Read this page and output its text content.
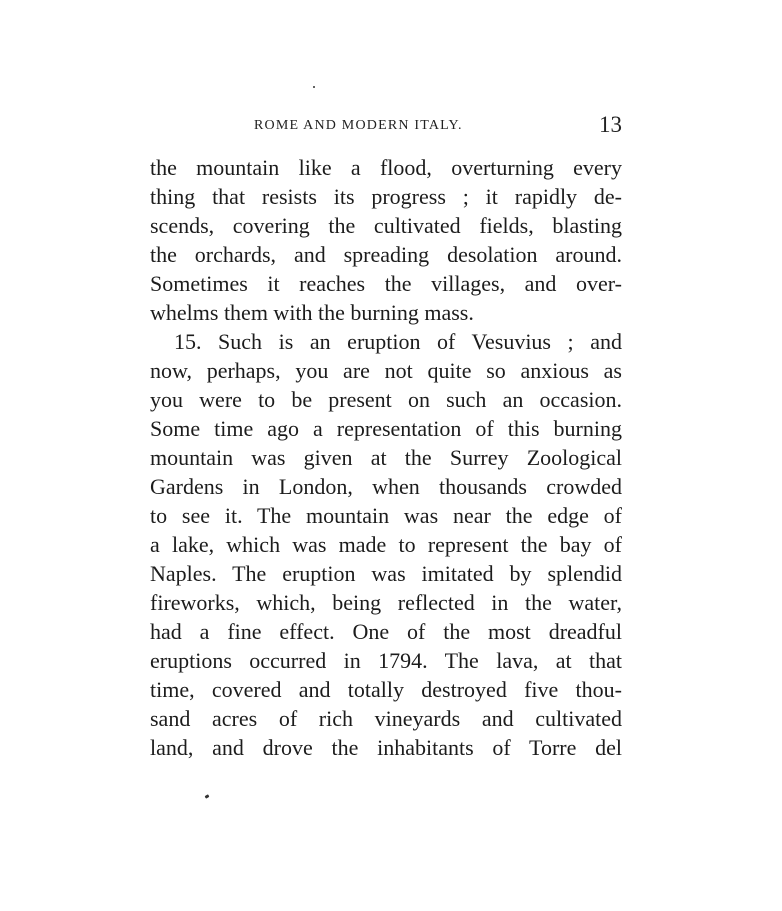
ROME AND MODERN ITALY.	13
the mountain like a flood, overturning every
thing that resists its progress ; it rapidly de-
scends, covering the cultivated fields, blasting
the orchards, and spreading desolation around.
Sometimes it reaches the villages, and over-
whelms them with the burning mass.
15. Such is an eruption of Vesuvius ; and
now, perhaps, you are not quite so anxious as
you were to be present on such an occasion.
Some time ago a representation of this burning
mountain was given at the Surrey Zoological
Gardens in London, when thousands crowded
to see it. The mountain was near the edge of
a lake, which was made to represent the bay of
Naples. The eruption was imitated by splendid
fireworks, which, being reflected in the water,
had a fine effect. One of the most dreadful
eruptions occurred in 1794. The lava, at that
time, covered and totally destroyed five thou-
sand acres of rich vineyards and cultivated
land, and drove the inhabitants of Torre del
